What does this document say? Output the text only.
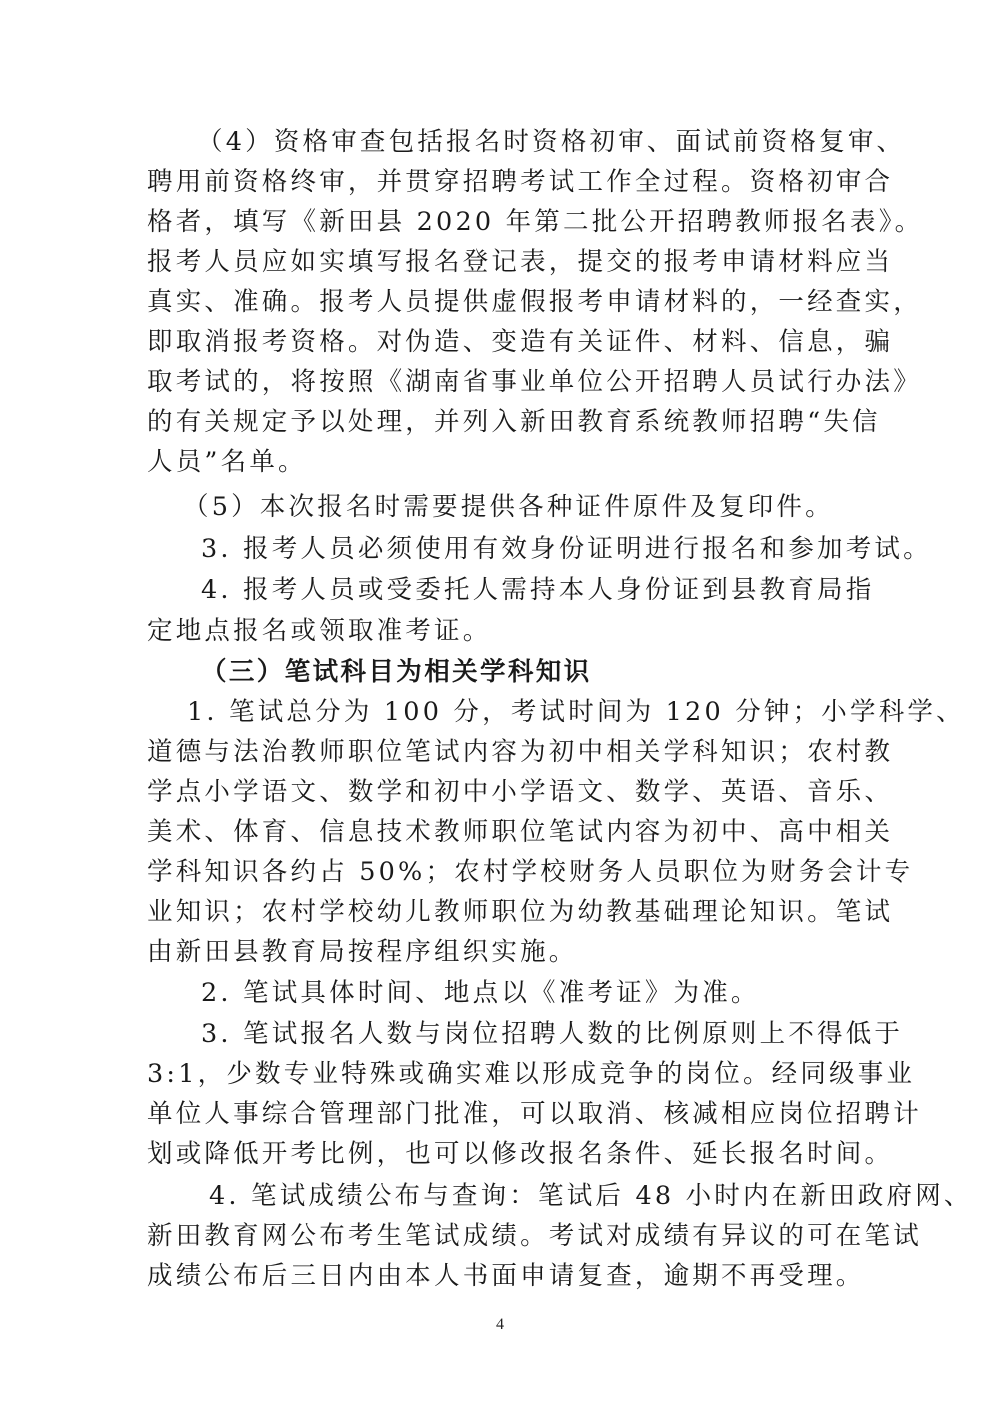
（4）资格审查包括报名时资格初审、面试前资格复审、
聘用前资格终审，并贯穿招聘考试工作全过程。资格初审合
格者，填写《新田县 2020 年第二批公开招聘教师报名表》。
报考人员应如实填写报名登记表，提交的报考申请材料应当
真实、准确。报考人员提供虚假报考申请材料的，一经查实，
即取消报考资格。对伪造、变造有关证件、材料、信息，骗
取考试的，将按照《湖南省事业单位公开招聘人员试行办法》
的有关规定予以处理，并列入新田教育系统教师招聘“失信
人员”名单。
（5）本次报名时需要提供各种证件原件及复印件。
3. 报考人员必须使用有效身份证明进行报名和参加考试。
4. 报考人员或受委托人需持本人身份证到县教育局指
定地点报名或领取准考证。
（三）笔试科目为相关学科知识
1. 笔试总分为 100 分，考试时间为 120 分钟；小学科学、
道德与法治教师职位笔试内容为初中相关学科知识；农村教
学点小学语文、数学和初中小学语文、数学、英语、音乐、
美术、体育、信息技术教师职位笔试内容为初中、高中相关
学科知识各约占 50%；农村学校财务人员职位为财务会计专
业知识；农村学校幼儿教师职位为幼教基础理论知识。笔试
由新田县教育局按程序组织实施。
2. 笔试具体时间、地点以《准考证》为准。
3. 笔试报名人数与岗位招聘人数的比例原则上不得低于
3:1，少数专业特殊或确实难以形成竞争的岗位。经同级事业
单位人事综合管理部门批准，可以取消、核减相应岗位招聘计
划或降低开考比例，也可以修改报名条件、延长报名时间。
4. 笔试成绩公布与查询：笔试后 48 小时内在新田政府网、
新田教育网公布考生笔试成绩。考试对成绩有异议的可在笔试
成绩公布后三日内由本人书面申请复查，逾期不再受理。
4
